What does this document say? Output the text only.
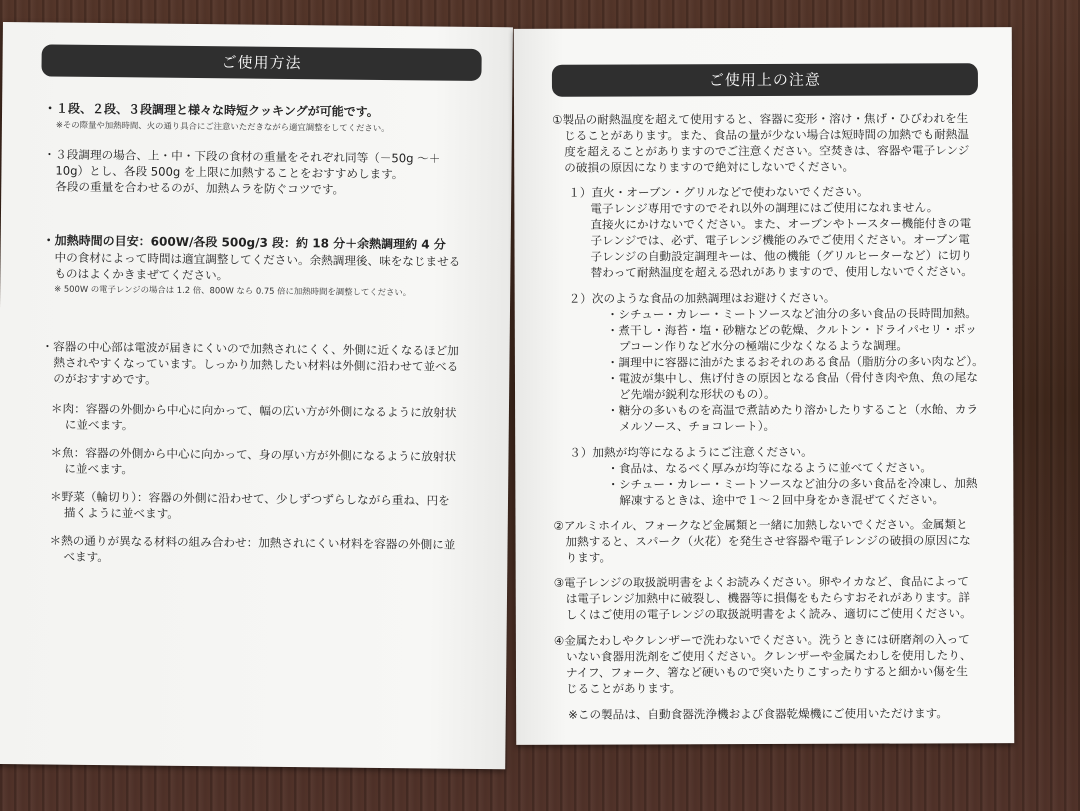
ご使用方法
・１段、２段、３段調理と様々な時短クッキングが可能です。
※その際量や加熱時間、火の通り具合にご注意いただきながら適宜調整をしてください。
・３段調理の場合、上・中・下段の食材の重量をそれぞれ同等（－50g ～＋
10g）とし、各段 500g を上限に加熱することをおすすめします。
各段の重量を合わせるのが、加熱ムラを防ぐコツです。
・加熱時間の目安：600W/各段 500g/3 段：約 18 分＋余熱調理約 4 分
中の食材によって時間は適宜調整してください。余熱調理後、味をなじませる
ものはよくかきまぜてください。
※ 500W の電子レンジの場合は 1.2 倍、800W なら 0.75 倍に加熱時間を調整してください。
・容器の中心部は電波が届きにくいので加熱されにくく、外側に近くなるほど加
熱されやすくなっています。しっかり加熱したい材料は外側に沿わせて並べる
のがおすすめです。
＊肉：容器の外側から中心に向かって、幅の広い方が外側になるように放射状
に並べます。
＊魚：容器の外側から中心に向かって、身の厚い方が外側になるように放射状
に並べます。
＊野菜（輪切り）：容器の外側に沿わせて、少しずつずらしながら重ね、円を
描くように並べます。
＊熱の通りが異なる材料の組み合わせ：加熱されにくい材料を容器の外側に並
べます。
ご使用上の注意
①製品の耐熱温度を超えて使用すると、容器に変形・溶け・焦げ・ひびわれを生
じることがあります。また、食品の量が少ない場合は短時間の加熱でも耐熱温
度を超えることがありますのでご注意ください。空焚きは、容器や電子レンジ
の破損の原因になりますので絶対にしないでください。
１）直火・オーブン・グリルなどで使わないでください。
電子レンジ専用ですのでそれ以外の調理にはご使用になれません。
直接火にかけないでください。また、オーブンやトースター機能付きの電
子レンジでは、必ず、電子レンジ機能のみでご使用ください。オーブン電
子レンジの自動設定調理キーは、他の機能（グリルヒーターなど）に切り
替わって耐熱温度を超える恐れがありますので、使用しないでください。
２）次のような食品の加熱調理はお避けください。
・シチュー・カレー・ミートソースなど油分の多い食品の長時間加熱。
・煮干し・海苔・塩・砂糖などの乾燥、クルトン・ドライパセリ・ポッ
プコーン作りなど水分の極端に少なくなるような調理。
・調理中に容器に油がたまるおそれのある食品（脂肪分の多い肉など）。
・電波が集中し、焦げ付きの原因となる食品（骨付き肉や魚、魚の尾な
ど先端が鋭利な形状のもの）。
・糖分の多いものを高温で煮詰めたり溶かしたりすること（水飴、カラ
メルソース、チョコレート）。
３）加熱が均等になるようにご注意ください。
・食品は、なるべく厚みが均等になるように並べてください。
・シチュー・カレー・ミートソースなど油分の多い食品を冷凍し、加熱
解凍するときは、途中で１～２回中身をかき混ぜてください。
②アルミホイル、フォークなど金属類と一緒に加熱しないでください。金属類と
加熱すると、スパーク（火花）を発生させ容器や電子レンジの破損の原因にな
ります。
③電子レンジの取扱説明書をよくお読みください。卵やイカなど、食品によって
は電子レンジ加熱中に破裂し、機器等に損傷をもたらすおそれがあります。詳
しくはご使用の電子レンジの取扱説明書をよく読み、適切にご使用ください。
④金属たわしやクレンザーで洗わないでください。洗うときには研磨剤の入って
いない食器用洗剤をご使用ください。クレンザーや金属たわしを使用したり、
ナイフ、フォーク、箸など硬いもので突いたりこすったりすると細かい傷を生
じることがあります。
※この製品は、自動食器洗浄機および食器乾燥機にご使用いただけます。
